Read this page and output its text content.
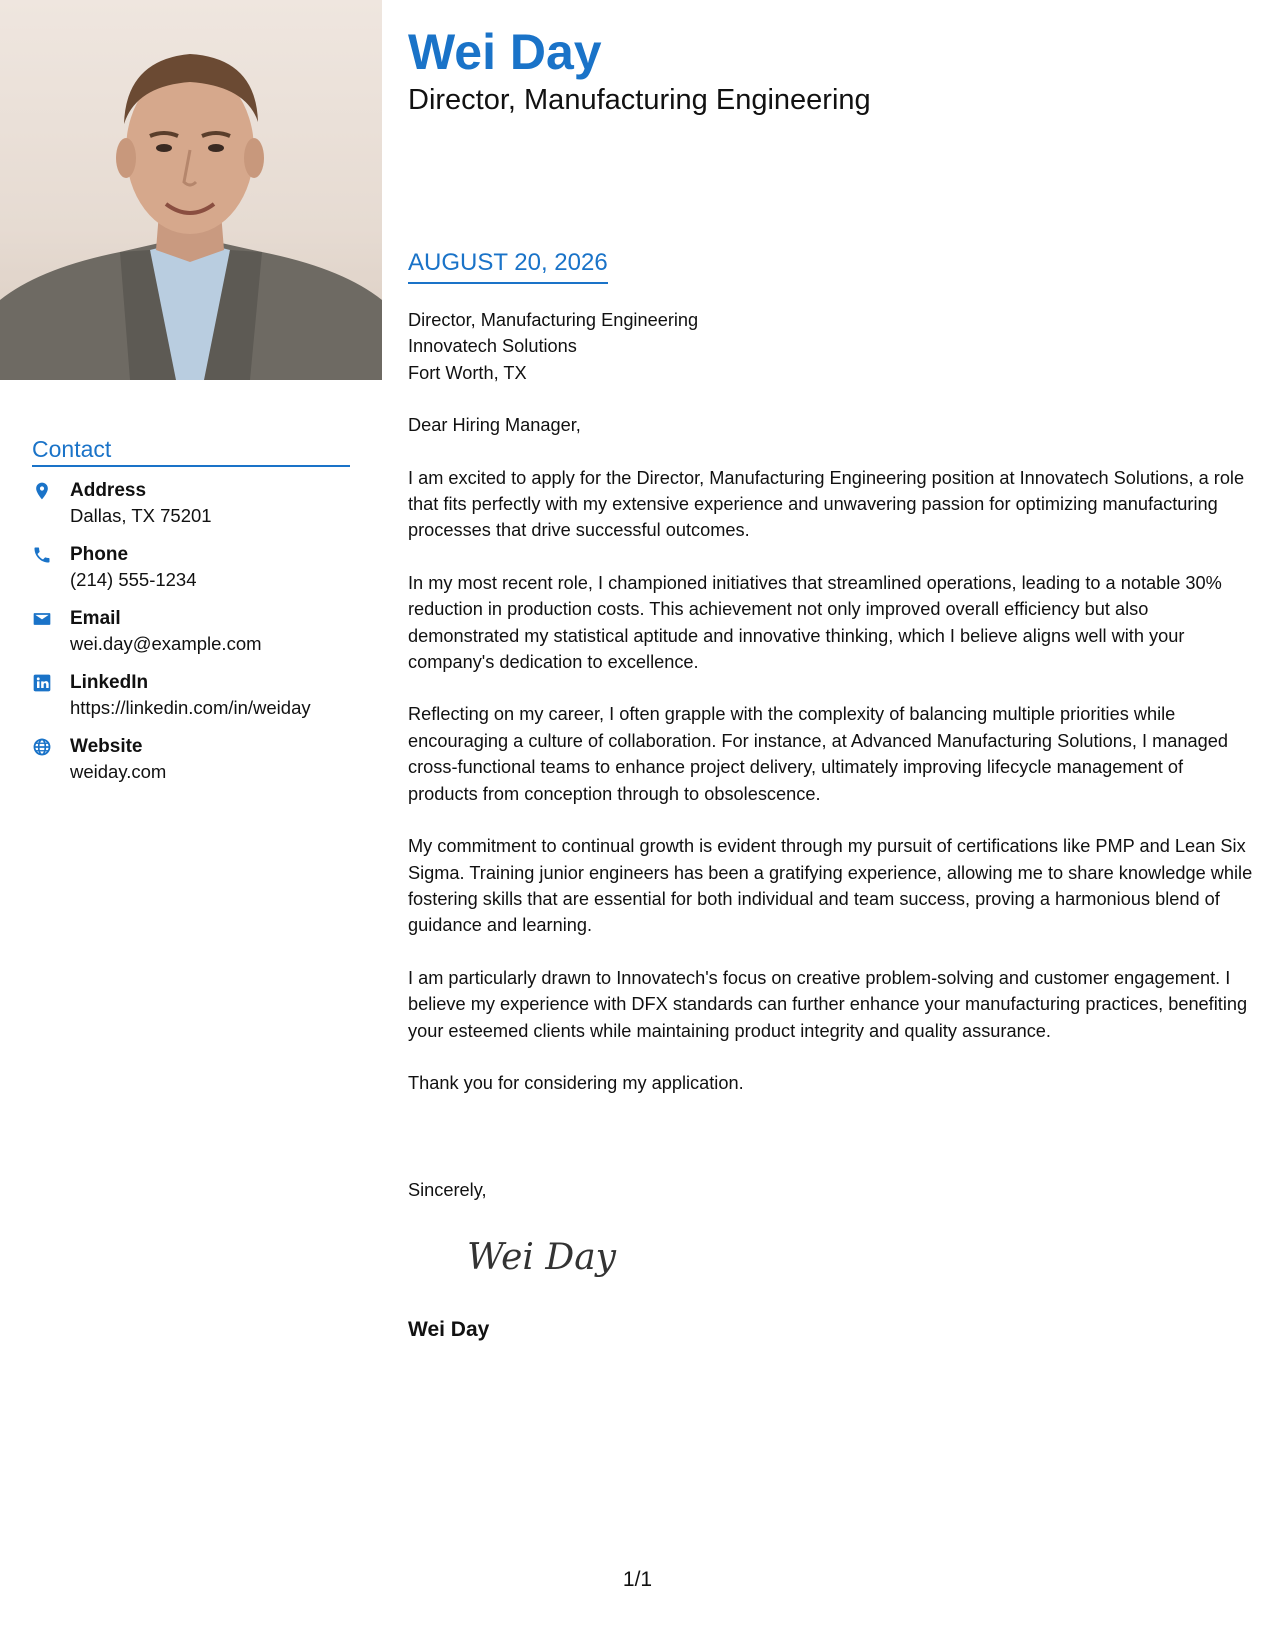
Contact
Address
Dallas, TX 75201
Phone
(214) 555-1234
Email
wei.day@example.com
LinkedIn
https://linkedin.com/in/weiday
Website
weiday.com
Wei Day
Director, Manufacturing Engineering
AUGUST 20, 2026

Director, Manufacturing Engineering

Innovatech Solutions

Fort Worth, TX

Dear Hiring Manager,

I am excited to apply for the Director, Manufacturing Engineering position at Innovatech Solutions, a role that fits perfectly with my extensive experience and unwavering passion for optimizing manufacturing processes that drive successful outcomes.

In my most recent role, I championed initiatives that streamlined operations, leading to a notable 30% reduction in production costs. This achievement not only improved overall efficiency but also demonstrated my statistical aptitude and innovative thinking, which I believe aligns well with your company's dedication to excellence.

Reflecting on my career, I often grapple with the complexity of balancing multiple priorities while encouraging a culture of collaboration. For instance, at Advanced Manufacturing Solutions, I managed cross-functional teams to enhance project delivery, ultimately improving lifecycle management of products from conception through to obsolescence.

My commitment to continual growth is evident through my pursuit of certifications like PMP and Lean Six Sigma. Training junior engineers has been a gratifying experience, allowing me to share knowledge while fostering skills that are essential for both individual and team success, proving a harmonious blend of guidance and learning.

I am particularly drawn to Innovatech's focus on creative problem-solving and customer engagement. I believe my experience with DFX standards can further enhance your manufacturing practices, benefiting your esteemed clients while maintaining product integrity and quality assurance.

Thank you for considering my application.

Sincerely,
Wei Day
Wei Day
1/1
